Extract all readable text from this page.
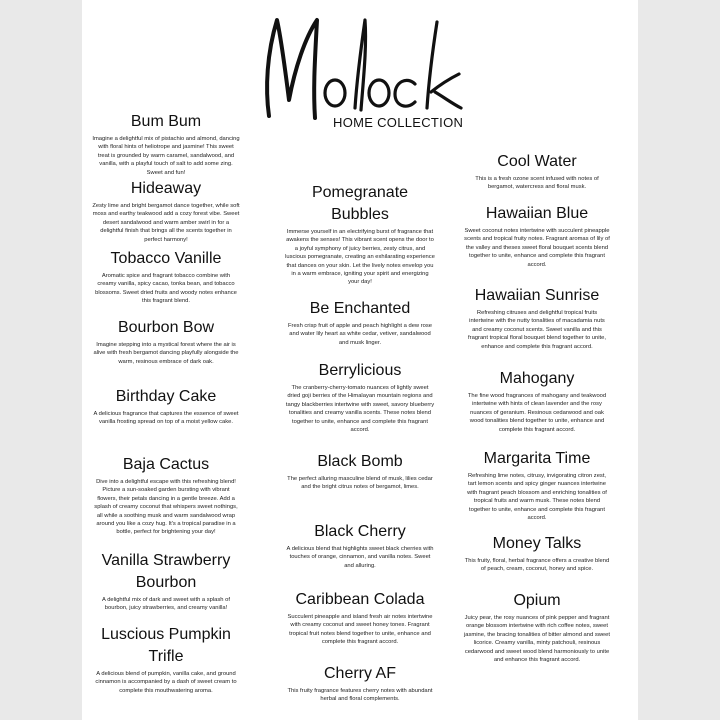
HOME COLLECTION
Bum Bum

Imagine a delightful mix of pistachio and almond, dancing with floral hints of heliotrope and jasmine! This sweet treat is grounded by warm caramel, sandalwood, and vanilla, with a playful touch of salt to add some zing. Sweet and fun!

Hideaway

Zesty lime and bright bergamot dance together, while soft moss and earthy teakwood add a cozy forest vibe. Sweet desert sandalwood and warm amber swirl in for a delightful finish that brings all the scents together in perfect harmony!

Tobacco Vanille

Aromatic spice and fragrant tobacco combine with creamy vanilla, spicy cacao, tonka bean, and tobacco blossoms. Sweet dried fruits and woody notes enhance this fragrant blend.

Bourbon Bow

Imagine stepping into a mystical forest where the air is alive with fresh bergamot dancing playfully alongside the warm, resinous embrace of dark oak.

Birthday Cake

A delicious fragrance that captures the essence of sweet vanilla frosting spread on top of a moist yellow cake.

Baja Cactus

Dive into a delightful escape with this refreshing blend! Picture a sun-soaked garden bursting with vibrant flowers, their petals dancing in a gentle breeze. Add a splash of creamy coconut that whispers sweet nothings, all while a soothing musk and warm sandalwood wrap around you like a cozy hug. It's a tropical paradise in a bottle, perfect for brightening your day!

Vanilla Strawberry Bourbon

A delightful mix of dark and sweet with a splash of bourbon, juicy strawberries, and creamy vanilla!

Luscious Pumpkin Trifle

A delicious blend of pumpkin, vanilla cake, and ground cinnamon is accompanied by a dash of sweet cream to complete this mouthwatering aroma.

Pomegranate Bubbles

Immerse yourself in an electrifying burst of fragrance that awakens the senses! This vibrant scent opens the door to a joyful symphony of juicy berries, zesty citrus, and luscious pomegranate, creating an exhilarating experience that dances on your skin. Let the lively notes envelop you in a warm embrace, igniting your spirit and energizing your day!

Be Enchanted

Fresh crisp fruit of apple and peach highlight a dew rose and water lily heart as white cedar, vetiver, sandalwood and musk linger.

Berrylicious

The cranberry-cherry-tomato nuances of lightly sweet dried goji berries of the Himalayan mountain regions and tangy blackberries intertwine with sweet, savory blueberry tonalities and creamy vanilla scents. These notes blend together to unite, enhance and complete this fragrant accord.

Black Bomb

The perfect alluring masculine blend of musk, lilies cedar and the bright citrus notes of bergamot, limes.

Black Cherry

A delicious blend that highlights sweet black cherries with touches of orange, cinnamon, and vanilla notes. Sweet and alluring.

Caribbean Colada

Succulent pineapple and island fresh air notes intertwine with creamy coconut and sweet honey tones. Fragrant tropical fruit notes blend together to unite, enhance and complete this fragrant accord.

Cherry AF

This fruity fragrance features cherry notes with abundant herbal and floral complements.

Cool Water

This is a fresh ozone scent infused with notes of bergamot, watercress and floral musk.

Hawaiian Blue

Sweet coconut notes intertwine with succulent pineapple scents and tropical fruity notes. Fragrant aromas of lily of the valley and theses sweet floral bouquet scents blend together to unite, enhance and complete this fragrant accord.

Hawaiian Sunrise

Refreshing citruses and delightful tropical fruits intertwine with the nutty tonalities of macadamia nuts and creamy coconut scents. Sweet vanilla and this fragrant tropical floral bouquet blend together to unite, enhance and complete this fragrant accord.

Mahogany

The fine wood fragrances of mahogany and teakwood intertwine with hints of clean lavender and the rosy nuances of geranium. Resinous cedarwood and oak wood tonalities blend together to unite, enhance and complete this fragrant accord.

Margarita Time

Refreshing lime notes, citrusy, invigorating citron zest, tart lemon scents and spicy ginger nuances intertwine with fragrant peach blossom and enriching tonalities of tropical fruits and warm musk. These notes blend together to unite, enhance and complete this fragrant accord.

Money Talks

This fruity, floral, herbal fragrance offers a creative blend of peach, cream, coconut, honey and spice.

Opium

Juicy pear, the rosy nuances of pink pepper and fragrant orange blossom intertwine with rich coffee notes, sweet jasmine, the bracing tonalities of bitter almond and sweet licorice. Creamy vanilla, minty patchouli, resinous cedarwood and sweet wood blend harmoniously to unite and enhance this fragrant accord.
